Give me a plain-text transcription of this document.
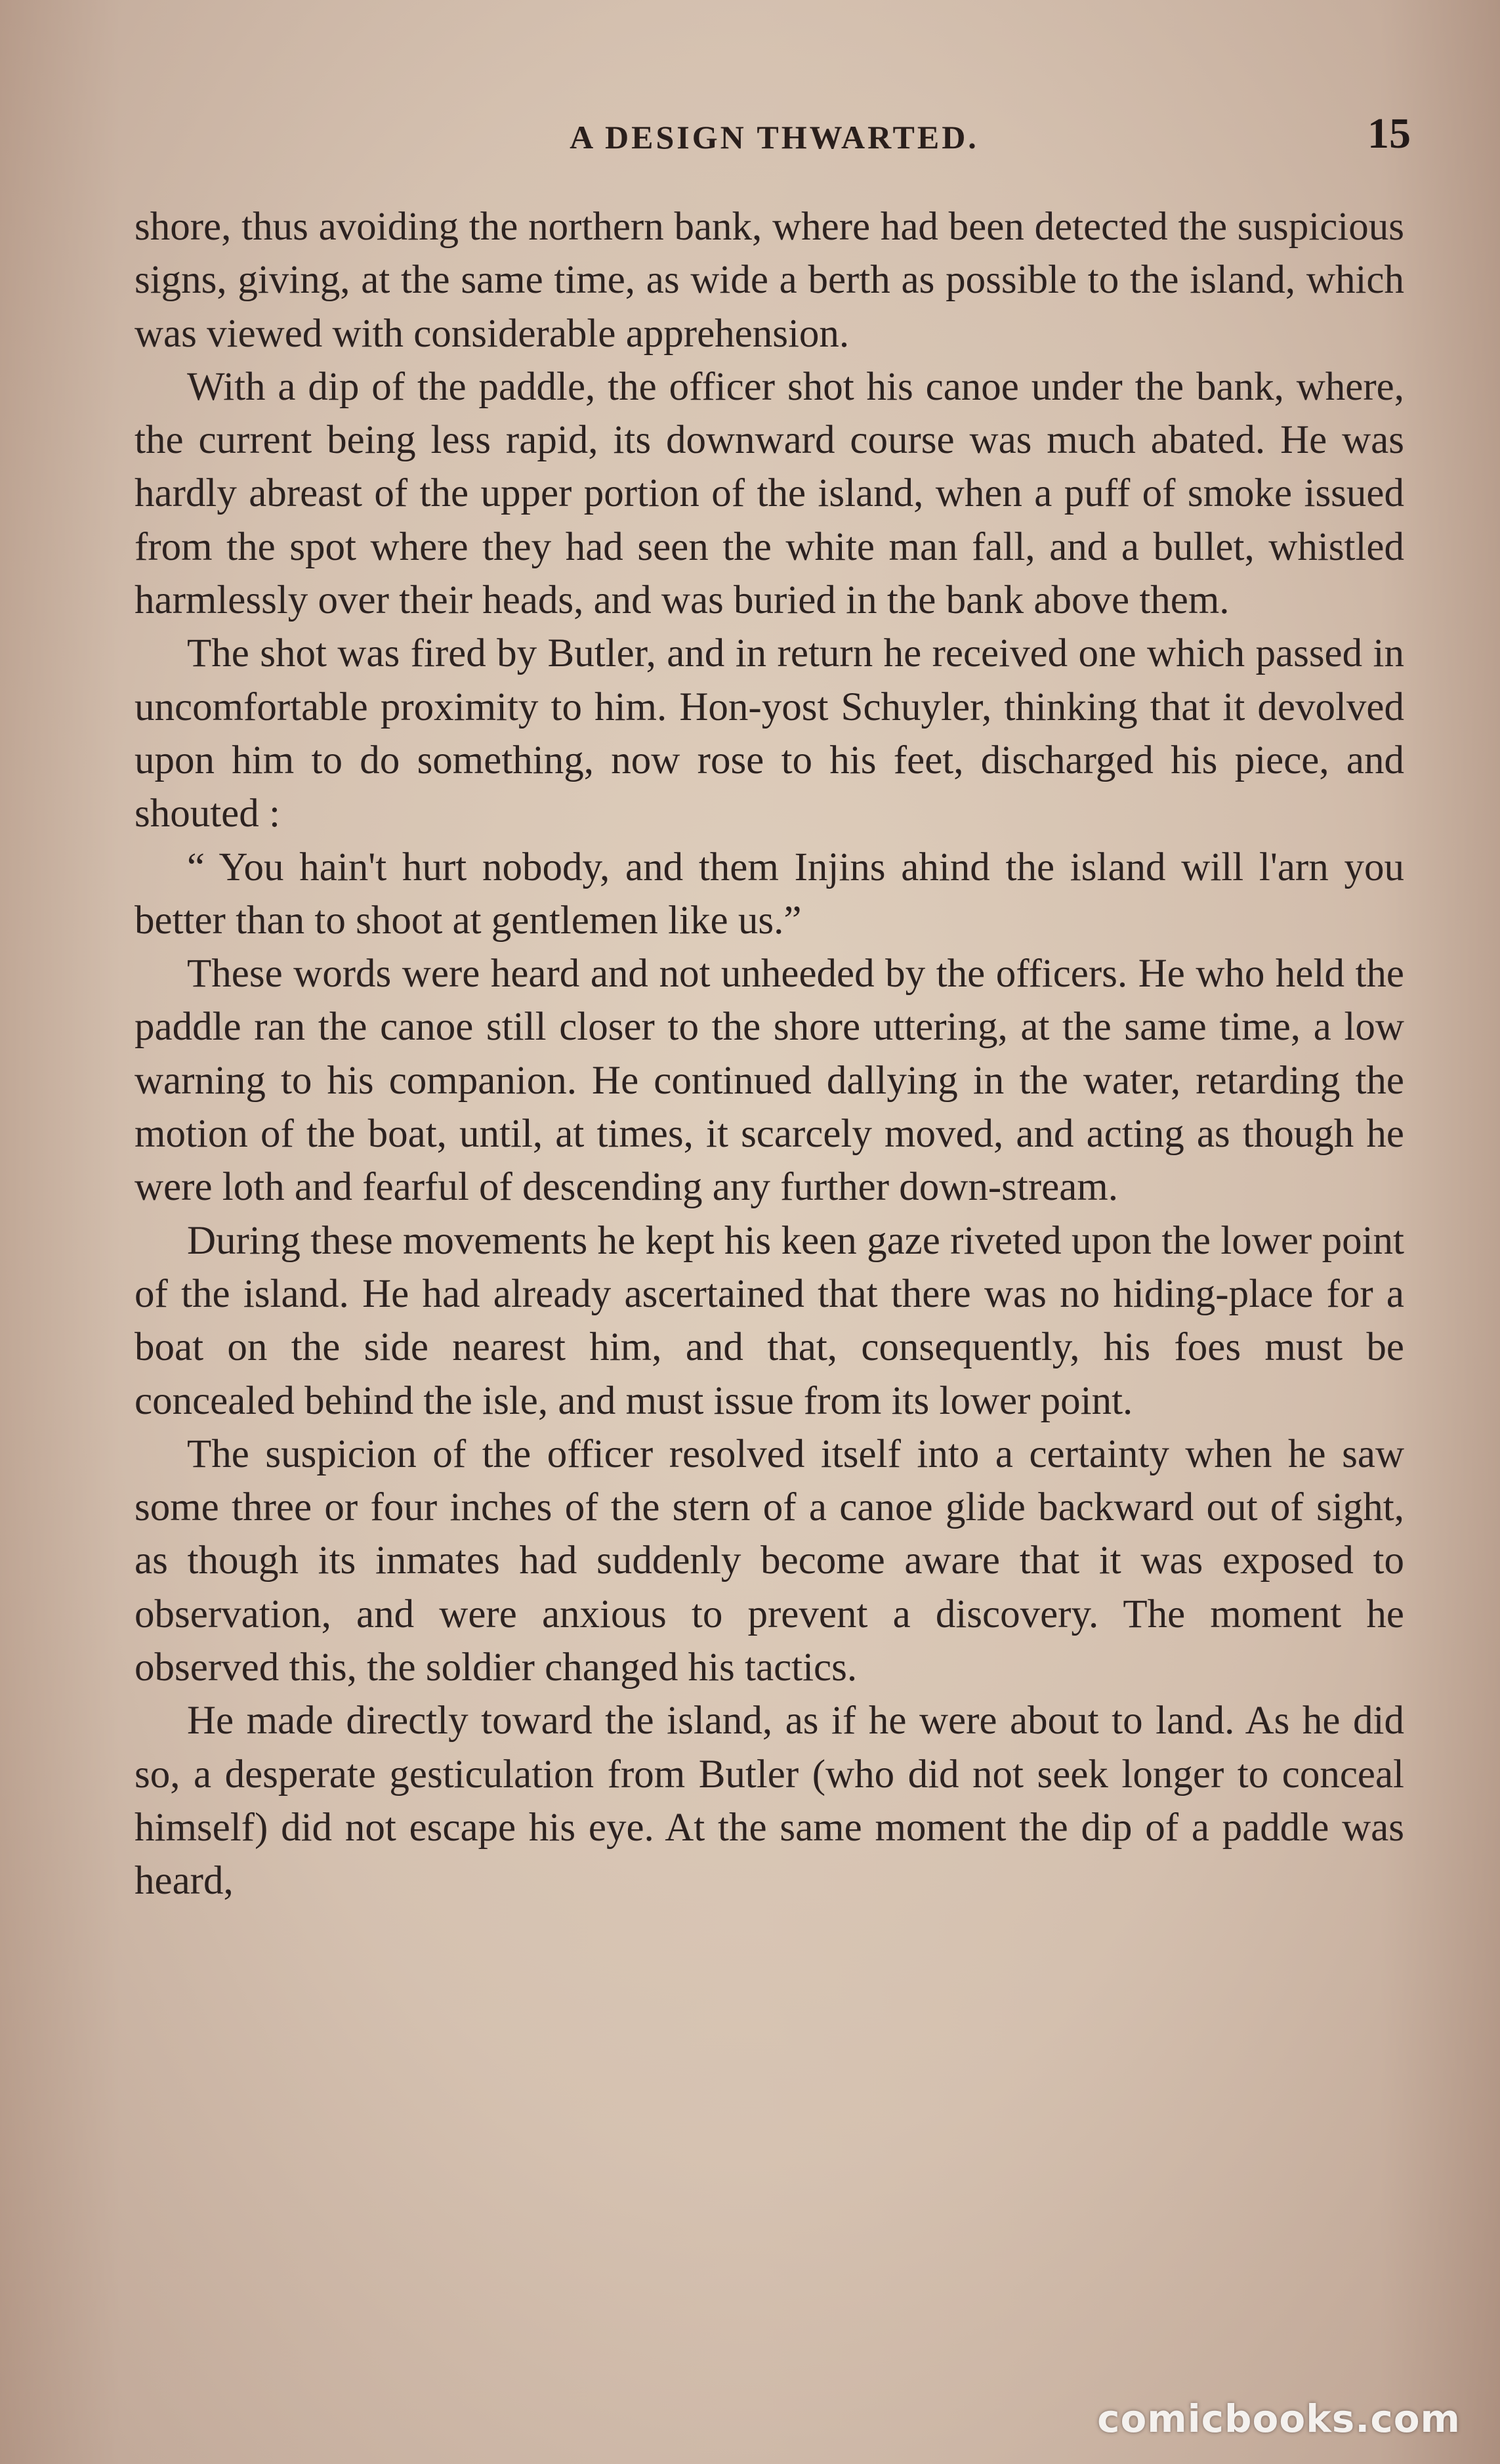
A DESIGN THWARTED.	15

shore, thus avoiding the northern bank, where had been detected the suspicious signs, giving, at the same time, as wide a berth as possible to the island, which was viewed with considerable apprehension.

With a dip of the paddle, the officer shot his canoe under the bank, where, the current being less rapid, its downward course was much abated. He was hardly abreast of the upper portion of the island, when a puff of smoke issued from the spot where they had seen the white man fall, and a bullet, whistled harmlessly over their heads, and was buried in the bank above them.

The shot was fired by Butler, and in return he received one which passed in uncomfortable proximity to him. Hon-yost Schuyler, thinking that it devolved upon him to do something, now rose to his feet, discharged his piece, and shouted :

“ You hain't hurt nobody, and them Injins ahind the island will l'arn you better than to shoot at gentlemen like us.”

These words were heard and not unheeded by the officers. He who held the paddle ran the canoe still closer to the shore uttering, at the same time, a low warning to his companion. He continued dallying in the water, retarding the motion of the boat, until, at times, it scarcely moved, and acting as though he were loth and fearful of descending any further down-stream.

During these movements he kept his keen gaze riveted upon the lower point of the island. He had already ascertained that there was no hiding-place for a boat on the side nearest him, and that, consequently, his foes must be concealed behind the isle, and must issue from its lower point.

The suspicion of the officer resolved itself into a certainty when he saw some three or four inches of the stern of a canoe glide backward out of sight, as though its inmates had suddenly become aware that it was exposed to observation, and were anxious to prevent a discovery. The moment he observed this, the soldier changed his tactics.

He made directly toward the island, as if he were about to land. As he did so, a desperate gesticulation from Butler (who did not seek longer to conceal himself) did not escape his eye. At the same moment the dip of a paddle was heard,

comicbooks.com
